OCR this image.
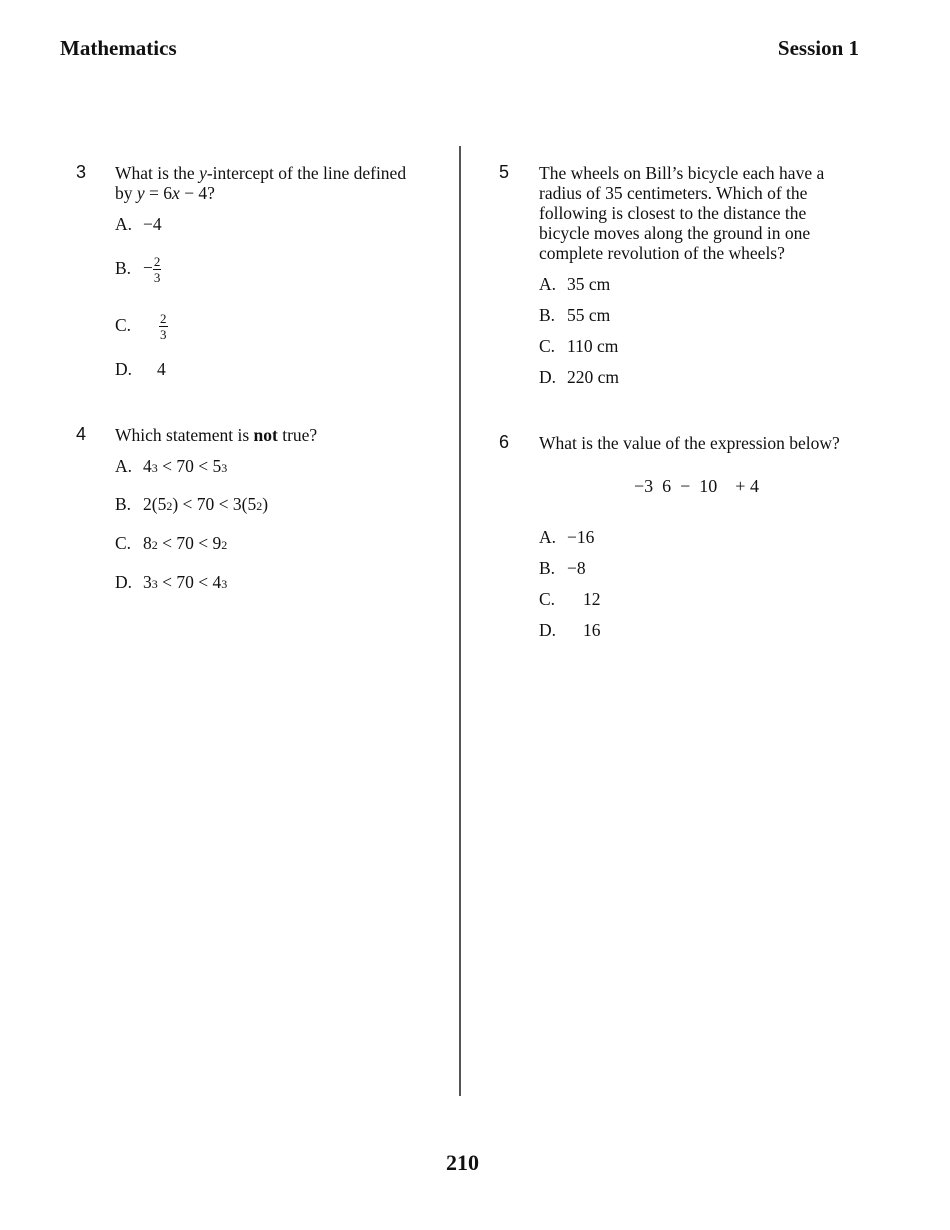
Mathematics	Session 1
3 What is the y-intercept of the line defined by y = 6x − 4?
A. −4
B. − $\frac{2}{3}$
C. $\frac{2}{3}$
D. 4
4 Which statement is not true?
A. 43 < 70 < 53
B. 2(52) < 70 < 3(52)
C. 82 < 70 < 92
D. 33 < 70 < 43
5 The wheels on Bill’s bicycle each have a radius of 35 centimeters. Which of the following is closest to the distance the bicycle moves along the ground in one complete revolution of the wheels?
A. 35 cm
B. 55 cm
C. 110 cm
D. 220 cm
6 What is the value of the expression below?
−3  6  −  10    + 4
A. −16
B. −8
C. 12
D. 16
210
